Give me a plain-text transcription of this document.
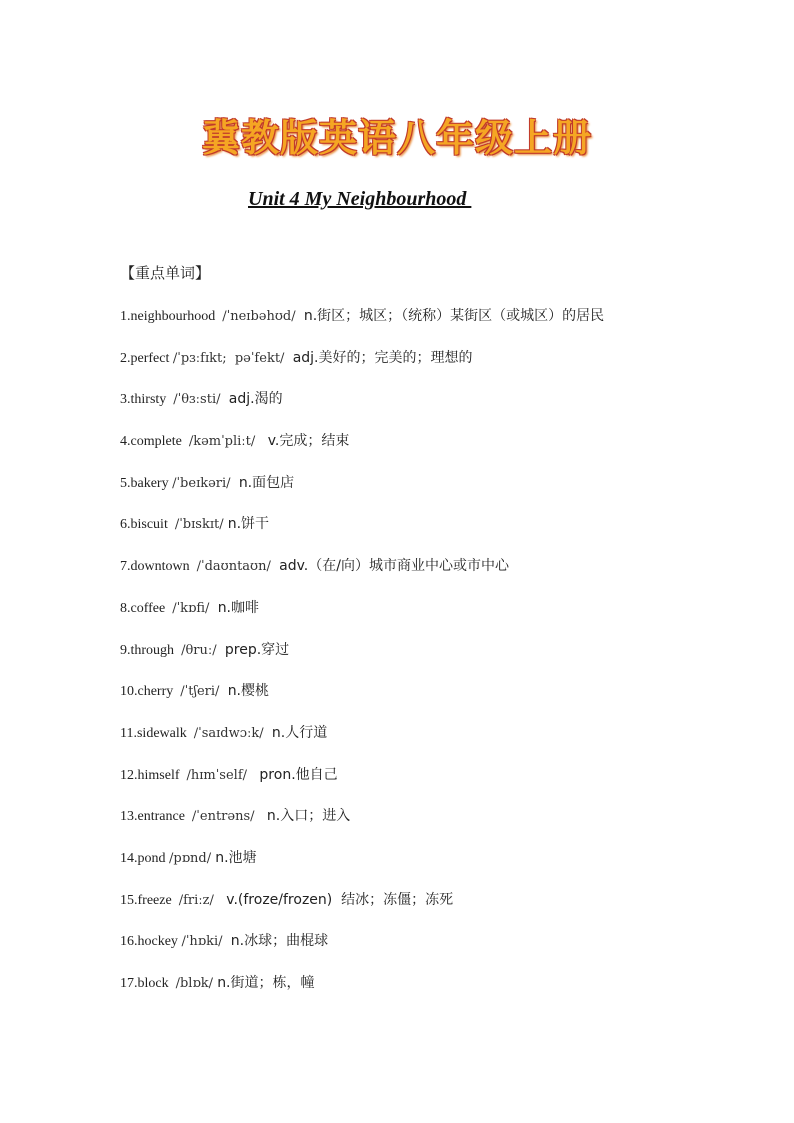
冀教版英语八年级上册

Unit 4 My Neighbourhood

【重点单词】

1.neighbourhood  /ˈneɪbəhʊd/  n.街区；城区；（统称）某街区（或城区）的居民
2.perfect /ˈpɜːfɪkt;  pəˈfekt/  adj.美好的；完美的；理想的
3.thirsty  /ˈθɜːsti/  adj.渴的
4.complete  /kəmˈpliːt/   v.完成；结束
5.bakery /ˈbeɪkəri/  n.面包店
6.biscuit  /ˈbɪskɪt/ n.饼干
7.downtown  /ˈdaʊntaʊn/  adv.（在/向）城市商业中心或市中心
8.coffee  /ˈkɒfi/  n.咖啡
9.through  /θruː/  prep.穿过
10.cherry  /ˈtʃeri/  n.樱桃
11.sidewalk  /ˈsaɪdwɔːk/  n.人行道
12.himself  /hɪmˈself/   pron.他自己
13.entrance  /ˈentrəns/   n.入口；进入
14.pond /pɒnd/ n.池塘
15.freeze  /friːz/   v.(froze/frozen)  结冰；冻僵；冻死
16.hockey /ˈhɒki/  n.冰球；曲棍球
17.block  /blɒk/ n.街道；栋，幢
